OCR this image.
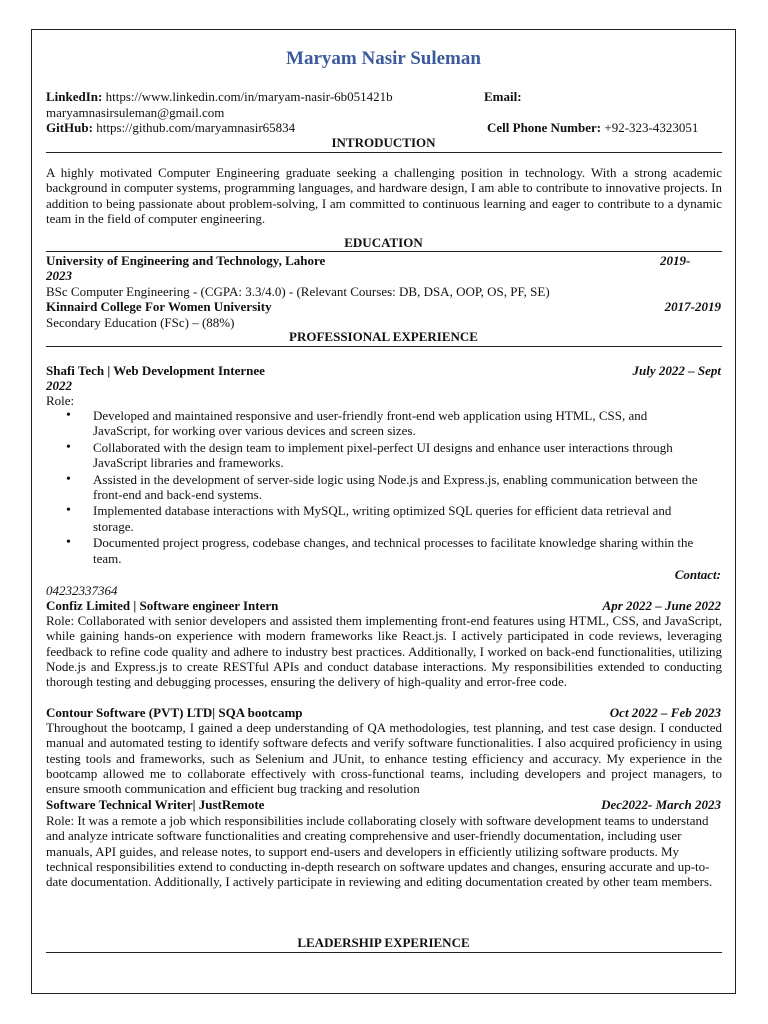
Maryam Nasir Suleman
LinkedIn: https://www.linkedin.com/in/maryam-nasir-6b051421b	Email:
maryamnasirsuleman@gmail.com
GitHub: https://github.com/maryamnasir65834	Cell Phone Number: +92-323-4323051
INTRODUCTION
A highly motivated Computer Engineering graduate seeking a challenging position in technology. With a strong academic background in computer systems, programming languages, and hardware design, I am able to contribute to innovative projects. In addition to being passionate about problem-solving, I am committed to continuous learning and eager to contribute to a dynamic team in the field of computer engineering.
EDUCATION
University of Engineering and Technology, Lahore	2019-
2023
BSc Computer Engineering - (CGPA: 3.3/4.0) - (Relevant Courses: DB, DSA, OOP, OS, PF, SE)
Kinnaird College For Women University	2017-2019
Secondary Education (FSc) – (88%)
PROFESSIONAL EXPERIENCE
Shafi Tech | Web Development Internee	July 2022 – Sept
2022
Role:
• Developed and maintained responsive and user-friendly front-end web application using HTML, CSS, and JavaScript, for working over various devices and screen sizes.
• Collaborated with the design team to implement pixel-perfect UI designs and enhance user interactions through JavaScript libraries and frameworks.
• Assisted in the development of server-side logic using Node.js and Express.js, enabling communication between the front-end and back-end systems.
• Implemented database interactions with MySQL, writing optimized SQL queries for efficient data retrieval and storage.
• Documented project progress, codebase changes, and technical processes to facilitate knowledge sharing within the team.
Contact:
04232337364
Confiz Limited | Software engineer Intern	Apr 2022 – June 2022
Role: Collaborated with senior developers and assisted them implementing front-end features using HTML, CSS, and JavaScript, while gaining hands-on experience with modern frameworks like React.js. I actively participated in code reviews, leveraging feedback to refine code quality and adhere to industry best practices. Additionally, I worked on back-end functionalities, utilizing Node.js and Express.js to create RESTful APIs and conduct database interactions. My responsibilities extended to conducting thorough testing and debugging processes, ensuring the delivery of high-quality and error-free code.
Contour Software (PVT) LTD| SQA bootcamp	Oct 2022 – Feb 2023
Throughout the bootcamp, I gained a deep understanding of QA methodologies, test planning, and test case design. I conducted manual and automated testing to identify software defects and verify software functionalities. I also acquired proficiency in using testing tools and frameworks, such as Selenium and JUnit, to enhance testing efficiency and accuracy. My experience in the bootcamp allowed me to collaborate effectively with cross-functional teams, including developers and project managers, to ensure smooth communication and efficient bug tracking and resolution
Software Technical Writer| JustRemote	Dec2022- March 2023
Role: It was a remote a job which responsibilities include collaborating closely with software development teams to understand and analyze intricate software functionalities and creating comprehensive and user-friendly documentation, including user manuals, API guides, and release notes, to support end-users and developers in efficiently utilizing software products. My technical responsibilities extend to conducting in-depth research on software updates and changes, ensuring accurate and up-to-date documentation. Additionally, I actively participate in reviewing and editing documentation created by other team members.
LEADERSHIP EXPERIENCE
